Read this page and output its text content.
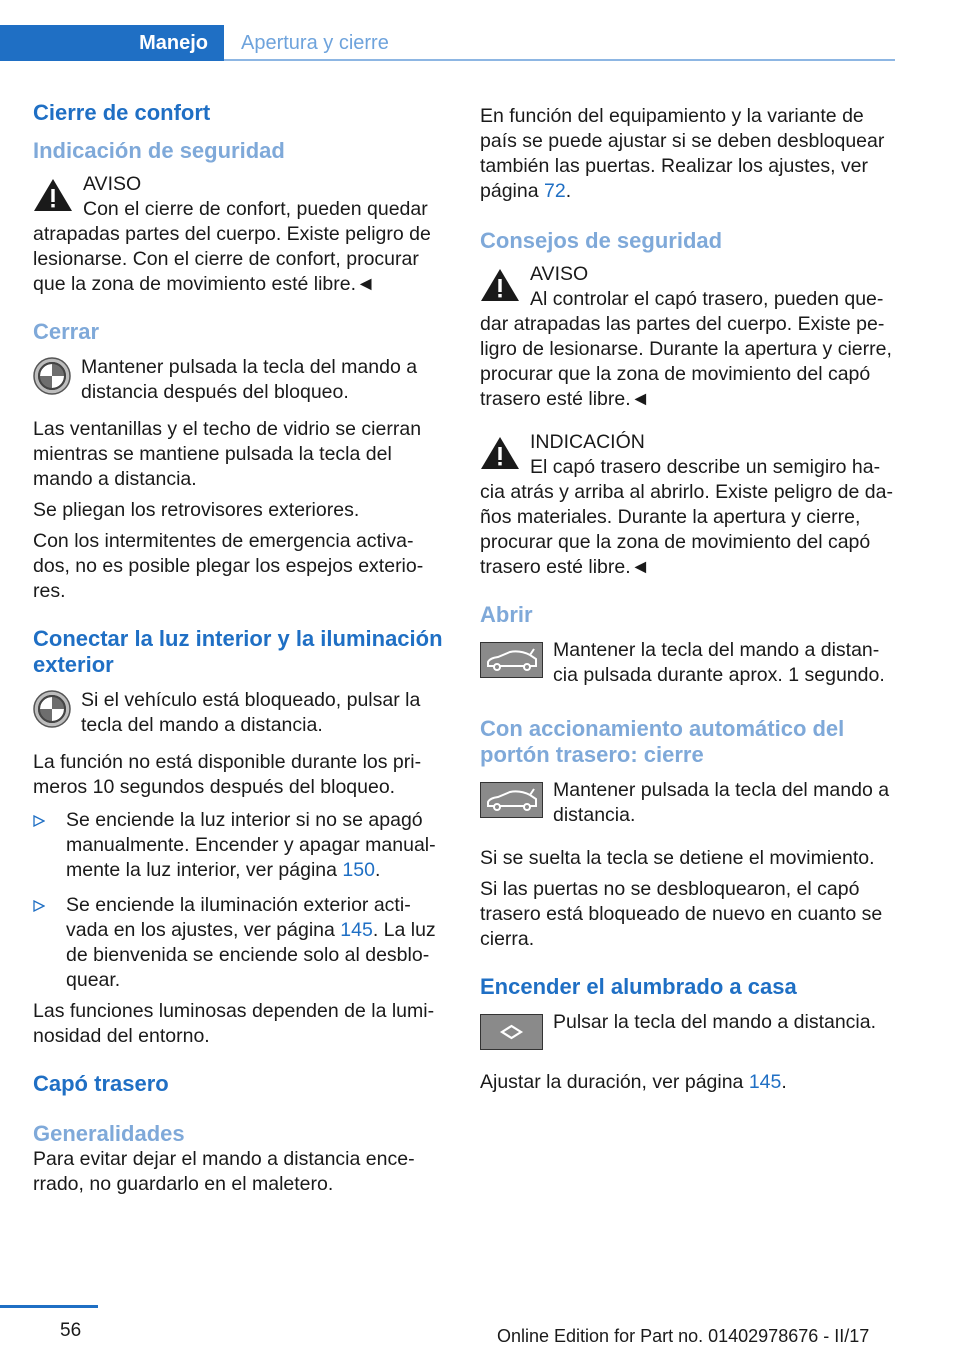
Manejo	Apertura y cierre
Cierre de confort
Indicación de seguridad
AVISO
Con el cierre de confort, pueden quedar atrapadas partes del cuerpo. Existe peligro de lesionarse. Con el cierre de confort, procurar que la zona de movimiento esté libre.◄
Cerrar
Mantener pulsada la tecla del mando a distancia después del bloqueo.

Las ventanillas y el techo de vidrio se cierran mientras se mantiene pulsada la tecla del mando a distancia.

Se pliegan los retrovisores exteriores.

Con los intermitentes de emergencia activados, no es posible plegar los espejos exteriores.

Conectar la luz interior y la iluminación exterior
Si el vehículo está bloqueado, pulsar la tecla del mando a distancia.

La función no está disponible durante los primeros 10 segundos después del bloqueo.

Se enciende la luz interior si no se apagó manualmente. Encender y apagar manualmente la luz interior, ver página 150.
Se enciende la iluminación exterior activada en los ajustes, ver página 145. La luz de bienvenida se enciende solo al desbloquear.

Las funciones luminosas dependen de la luminosidad del entorno.

Capó trasero
Generalidades

Para evitar dejar el mando a distancia encerrado, no guardarlo en el maletero.

En función del equipamiento y la variante de país se puede ajustar si se deben desbloquear también las puertas. Realizar los ajustes, ver página 72.

Consejos de seguridad
AVISO
Al controlar el capó trasero, pueden quedar atrapadas las partes del cuerpo. Existe peligro de lesionarse. Durante la apertura y cierre, procurar que la zona de movimiento del capó trasero esté libre.◄
INDICACIÓN
El capó trasero describe un semigiro hacia atrás y arriba al abrirlo. Existe peligro de daños materiales. Durante la apertura y cierre, procurar que la zona de movimiento del capó trasero esté libre.◄
Abrir
Mantener la tecla del mando a distancia pulsada durante aprox. 1 segundo.
Con accionamiento automático del portón trasero: cierre
Mantener pulsada la tecla del mando a distancia.

Si se suelta la tecla se detiene el movimiento.

Si las puertas no se desbloquearon, el capó trasero está bloqueado de nuevo en cuanto se cierra.

Encender el alumbrado a casa
Pulsar la tecla del mando a distancia.

Ajustar la duración, ver página 145.

56	Online Edition for Part no. 01402978676 - II/17
